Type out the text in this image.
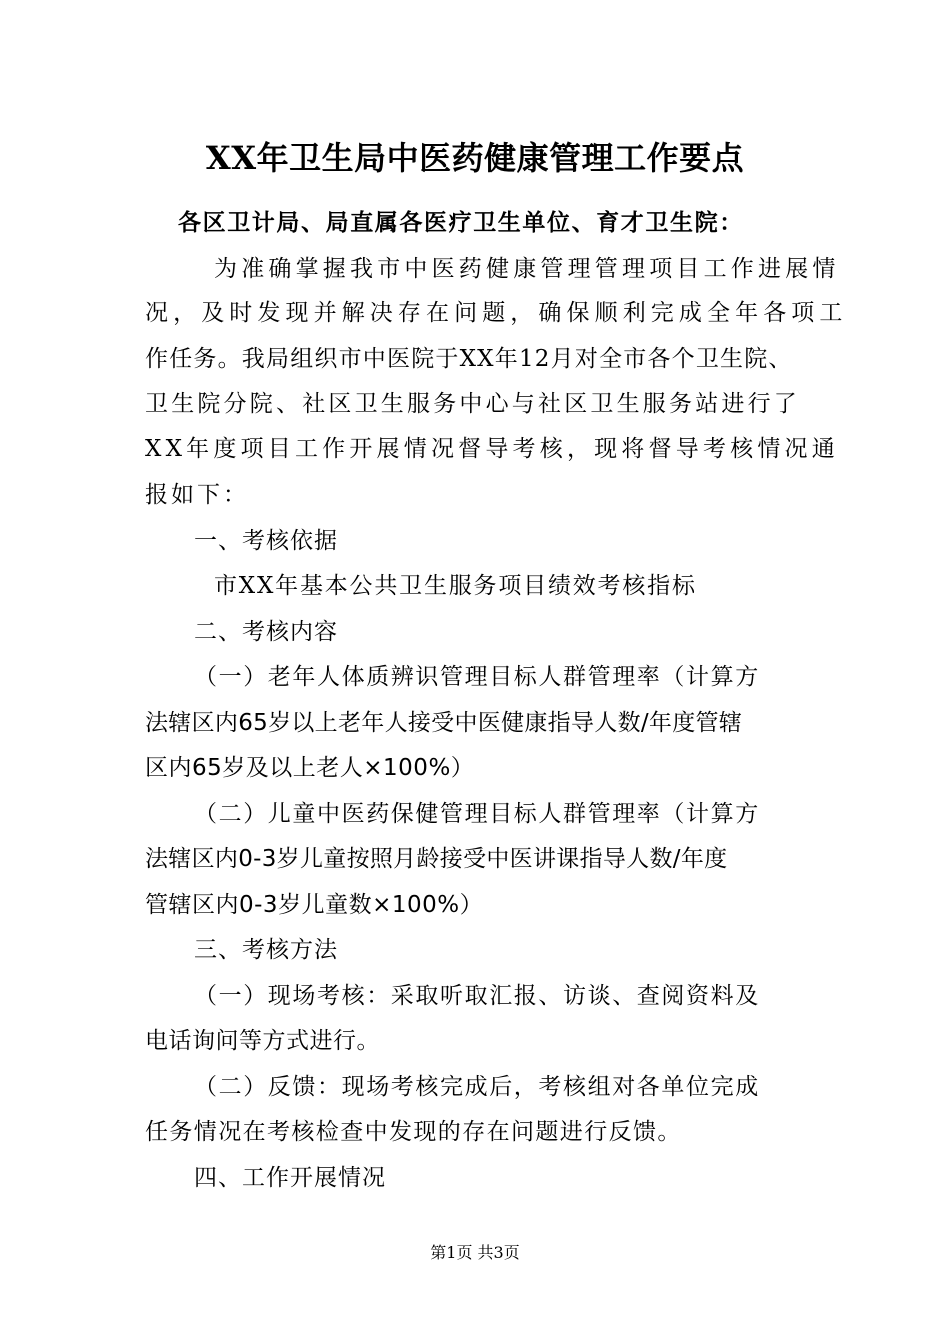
XX年卫生局中医药健康管理工作要点
各区卫计局、局直属各医疗卫生单位、育才卫生院：
为准确掌握我市中医药健康管理管理项目工作进展情
况，及时发现并解决存在问题，确保顺利完成全年各项工
作任务。我局组织市中医院于XX年12月对全市各个卫生院、
卫生院分院、社区卫生服务中心与社区卫生服务站进行了
XX年度项目工作开展情况督导考核，现将督导考核情况通
报如下：
一、考核依据
市XX年基本公共卫生服务项目绩效考核指标
二、考核内容
（一）老年人体质辨识管理目标人群管理率（计算方
法辖区内65岁以上老年人接受中医健康指导人数/年度管辖
区内65岁及以上老人×100%）
（二）儿童中医药保健管理目标人群管理率（计算方
法辖区内0-3岁儿童按照月龄接受中医讲课指导人数/年度
管辖区内0-3岁儿童数×100%）
三、考核方法
（一）现场考核：采取听取汇报、访谈、查阅资料及
电话询问等方式进行。
（二）反馈：现场考核完成后，考核组对各单位完成
任务情况在考核检查中发现的存在问题进行反馈。
四、工作开展情况
第1页 共3页
